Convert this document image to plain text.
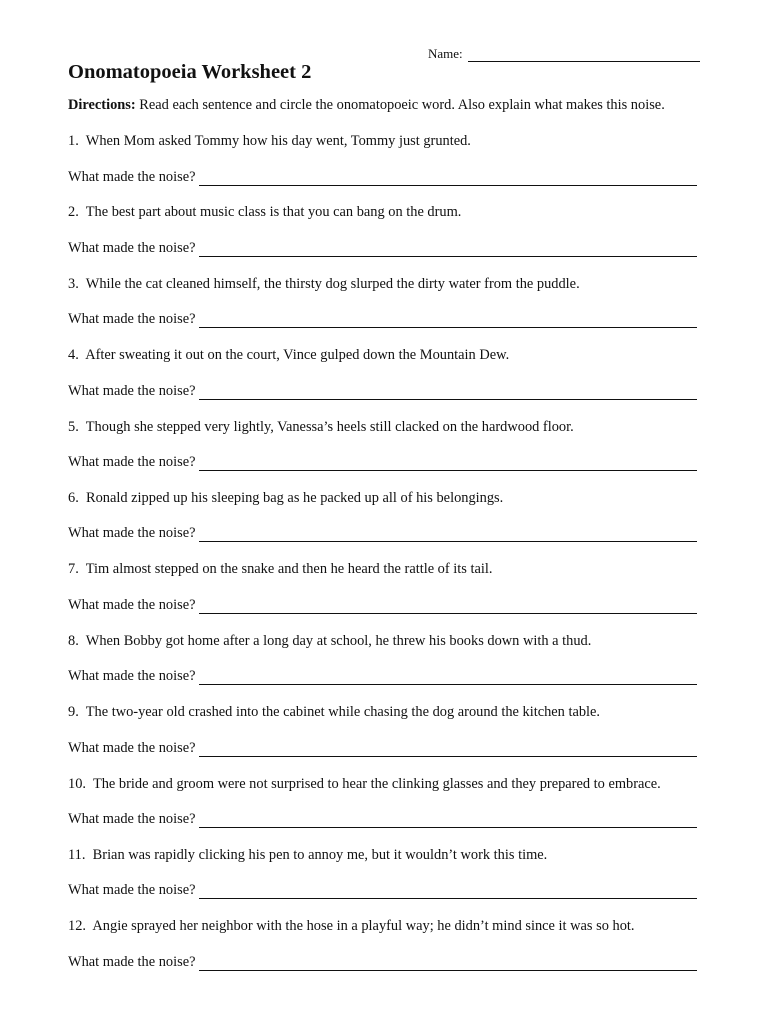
Name:
Onomatopoeia Worksheet 2
Directions: Read each sentence and circle the onomatopoeic word. Also explain what makes this noise.
1. When Mom asked Tommy how his day went, Tommy just grunted.
What made the noise?
2. The best part about music class is that you can bang on the drum.
What made the noise?
3. While the cat cleaned himself, the thirsty dog slurped the dirty water from the puddle.
What made the noise?
4. After sweating it out on the court, Vince gulped down the Mountain Dew.
What made the noise?
5. Though she stepped very lightly, Vanessa’s heels still clacked on the hardwood floor.
What made the noise?
6. Ronald zipped up his sleeping bag as he packed up all of his belongings.
What made the noise?
7. Tim almost stepped on the snake and then he heard the rattle of its tail.
What made the noise?
8. When Bobby got home after a long day at school, he threw his books down with a thud.
What made the noise?
9. The two-year old crashed into the cabinet while chasing the dog around the kitchen table.
What made the noise?
10. The bride and groom were not surprised to hear the clinking glasses and they prepared to embrace.
What made the noise?
11. Brian was rapidly clicking his pen to annoy me, but it wouldn’t work this time.
What made the noise?
12. Angie sprayed her neighbor with the hose in a playful way; he didn’t mind since it was so hot.
What made the noise?
